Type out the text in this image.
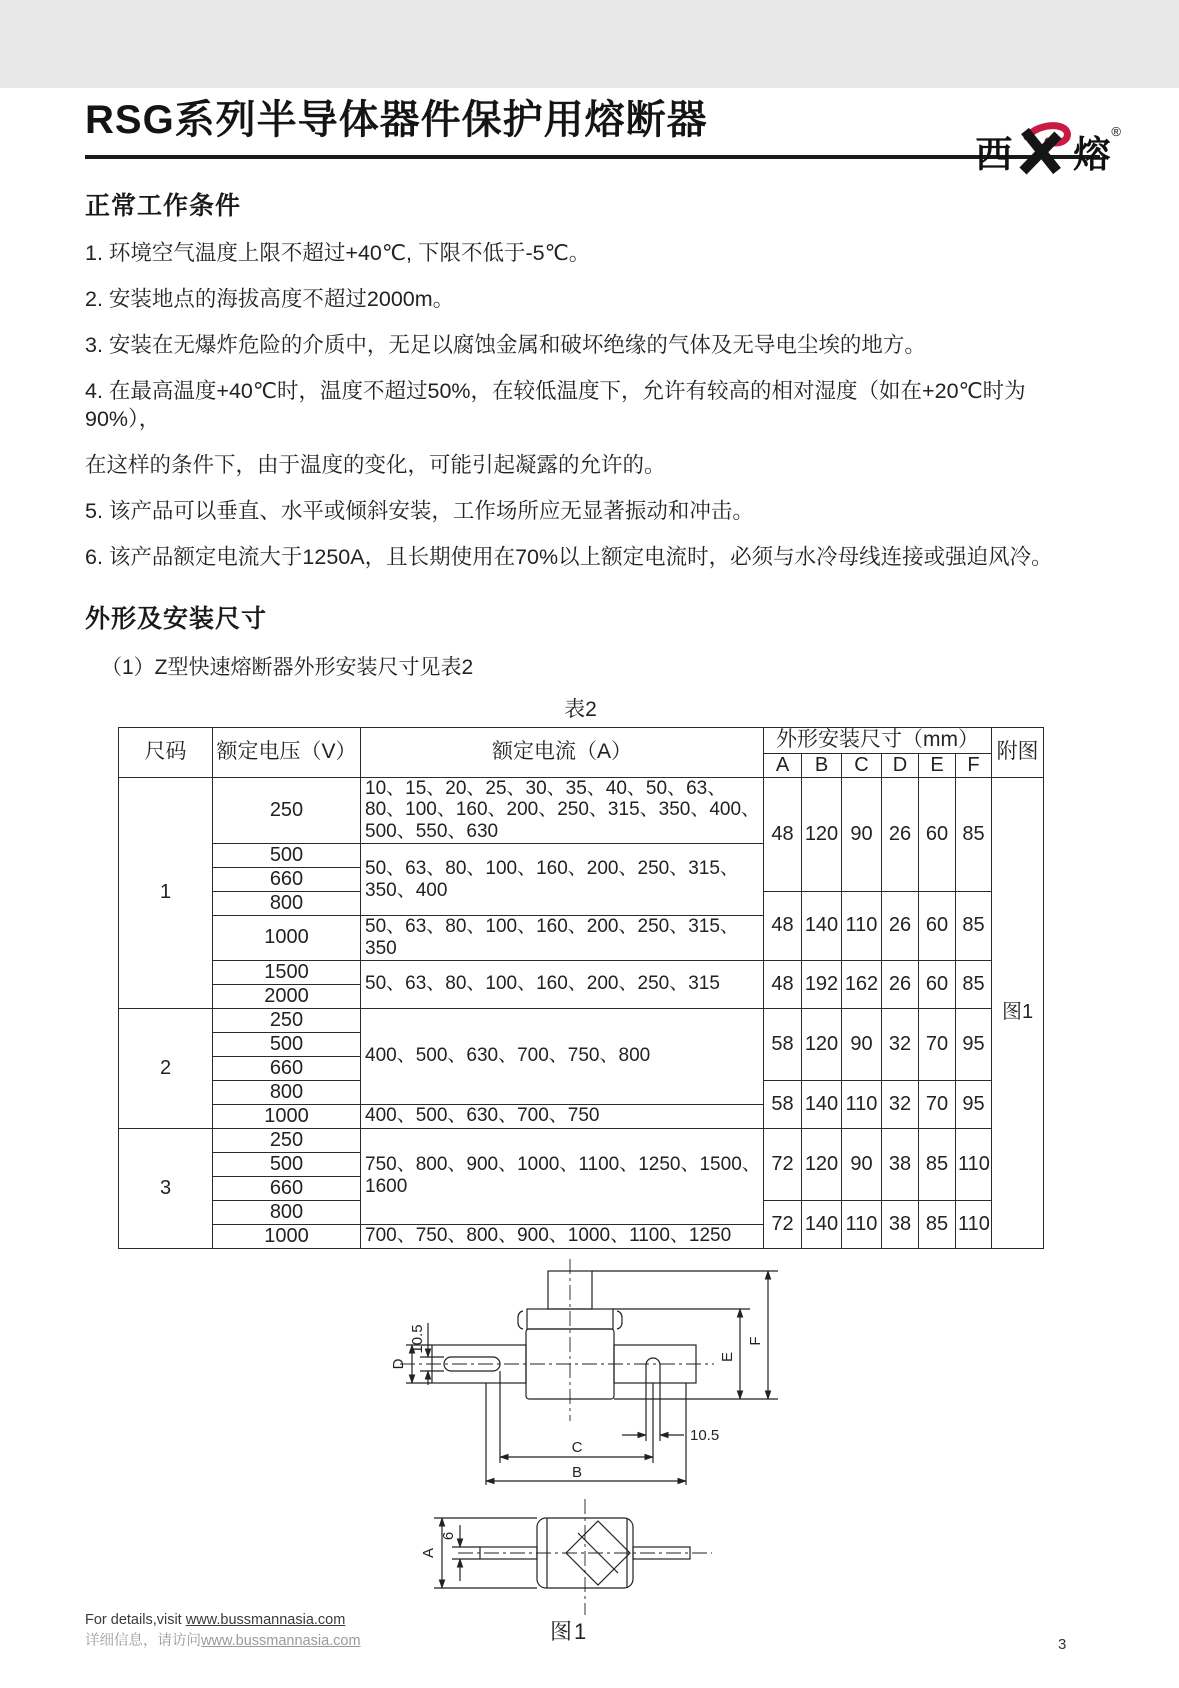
西 熔
®
RSG系列半导体器件保护用熔断器
正常工作条件

1. 环境空气温度上限不超过+40℃, 下限不低于-5℃。

2. 安装地点的海拔高度不超过2000m。

3. 安装在无爆炸危险的介质中，无足以腐蚀金属和破坏绝缘的气体及无导电尘埃的地方。

4. 在最高温度+40℃时，温度不超过50%，在较低温度下，允许有较高的相对湿度（如在+20℃时为90%），

在这样的条件下，由于温度的变化，可能引起凝露的允许的。

5. 该产品可以垂直、水平或倾斜安装，工作场所应无显著振动和冲击。

6. 该产品额定电流大于1250A，且长期使用在70%以上额定电流时，必须与水冷母线连接或强迫风冷。

外形及安装尺寸

（1）Z型快速熔断器外形安装尺寸见表2

表2
尺码	额定电压（V）	额定电流（A）	外形安装尺寸（mm）						附图
			A	B	C	D	E	F	
1	250	10、15、20、25、30、35、40、50、63、80、100、160、200、250、315、350、400、500、550、630	48	120	90	26	60	85	图1
	500	50、63、80、100、160、200、250、315、350、400							
	660								
	800		48	140	110	26	60	85	
	1000	50、63、80、100、160、200、250、315、350							
	1500	50、63、80、100、160、200、250、315	48	192	162	26	60	85	
	2000								
2	250	400、500、630、700、750、800	58	120	90	32	70	95	
	500								
	660								
	800		58	140	110	32	70	95	
	1000	400、500、630、700、750							
3	250	750、800、900、1000、1100、1250、1500、1600	72	120	90	38	85	110	
	500								
	660								
	800		72	140	110	38	85	110	
	1000	700、750、800、900、1000、1100、1250							
10.5
D
E
F
10.5
C
B
A
6
图1
For details,visit www.bussmannasia.com
详细信息，请访问www.bussmannasia.com	3
